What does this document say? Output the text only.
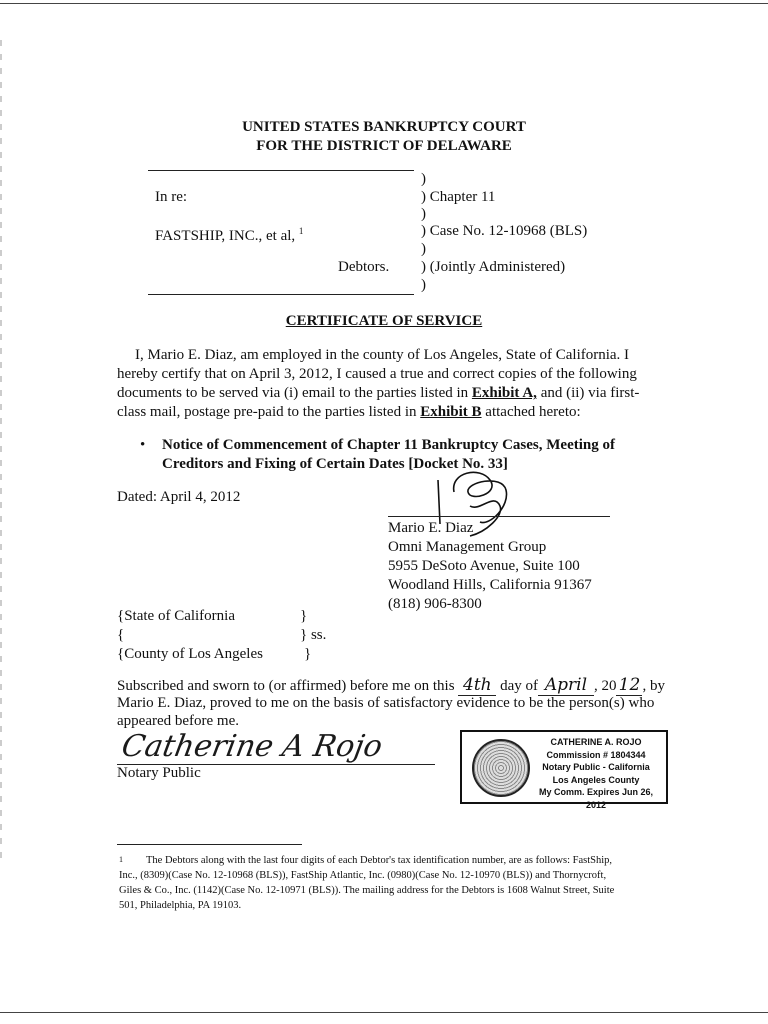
UNITED STATES BANKRUPTCY COURT
FOR THE DISTRICT OF DELAWARE
In re:
FASTSHIP, INC., et al, $^1$
Debtors.
)
) Chapter 11
)
) Case No. 12-10968 (BLS)
)
) (Jointly Administered)
)
CERTIFICATE OF SERVICE
I, Mario E. Diaz, am employed in the county of Los Angeles, State of California. I
hereby certify that on April 3, 2012, I caused a true and correct copies of the following
documents to be served via (i) email to the parties listed in Exhibit A, and (ii) via first-
class mail, postage pre-paid to the parties listed in Exhibit B attached hereto:
• Notice of Commencement of Chapter 11 Bankruptcy Cases, Meeting of
Creditors and Fixing of Certain Dates [Docket No. 33]
Dated: April 4, 2012
Mario E. Diaz
Omni Management Group
5955 DeSoto Avenue, Suite 100
Woodland Hills, California 91367
(818) 906-8300
{State of California
{
{County of Los Angeles
}
} ss.
}
Subscribed and sworn to (or affirmed) before me on this 4th day of April , 20 12 , by
Mario E. Diaz, proved to me on the basis of satisfactory evidence to be the person(s) who
appeared before me.
Catherine A Rojo
Notary Public
CATHERINE A. ROJO
Commission # 1804344
Notary Public - California
Los Angeles County
My Comm. Expires Jun 26, 2012
1	The Debtors along with the last four digits of each Debtor's tax identification number, are as follows: FastShip,
Inc., (8309)(Case No. 12-10968 (BLS)), FastShip Atlantic, Inc. (0980)(Case No. 12-10970 (BLS)) and Thornycroft,
Giles & Co., Inc. (1142)(Case No. 12-10971 (BLS)). The mailing address for the Debtors is 1608 Walnut Street, Suite
501, Philadelphia, PA 19103.
